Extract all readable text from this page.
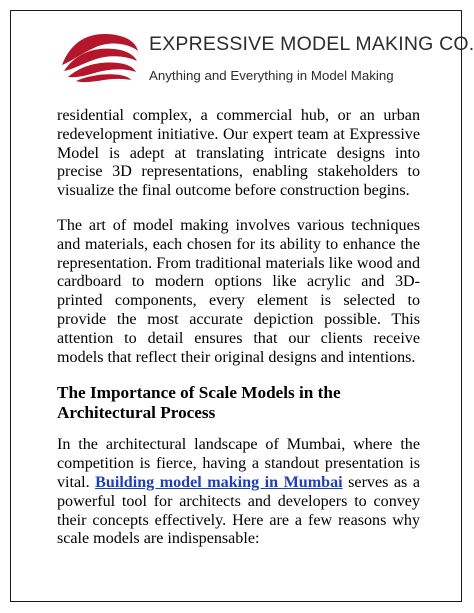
EXPRESSIVE MODEL MAKING CO.
Anything and Everything in Model Making

residential complex, a commercial hub, or an urban redevelopment initiative. Our expert team at Expressive Model is adept at translating intricate designs into precise 3D representations, enabling stakeholders to visualize the final outcome before construction begins.

The art of model making involves various techniques and materials, each chosen for its ability to enhance the representation. From traditional materials like wood and cardboard to modern options like acrylic and 3D-printed components, every element is selected to provide the most accurate depiction possible. This attention to detail ensures that our clients receive models that reflect their original designs and intentions.

The Importance of Scale Models in the Architectural Process

In the architectural landscape of Mumbai, where the competition is fierce, having a standout presentation is vital. Building model making in Mumbai serves as a powerful tool for architects and developers to convey their concepts effectively. Here are a few reasons why scale models are indispensable:
